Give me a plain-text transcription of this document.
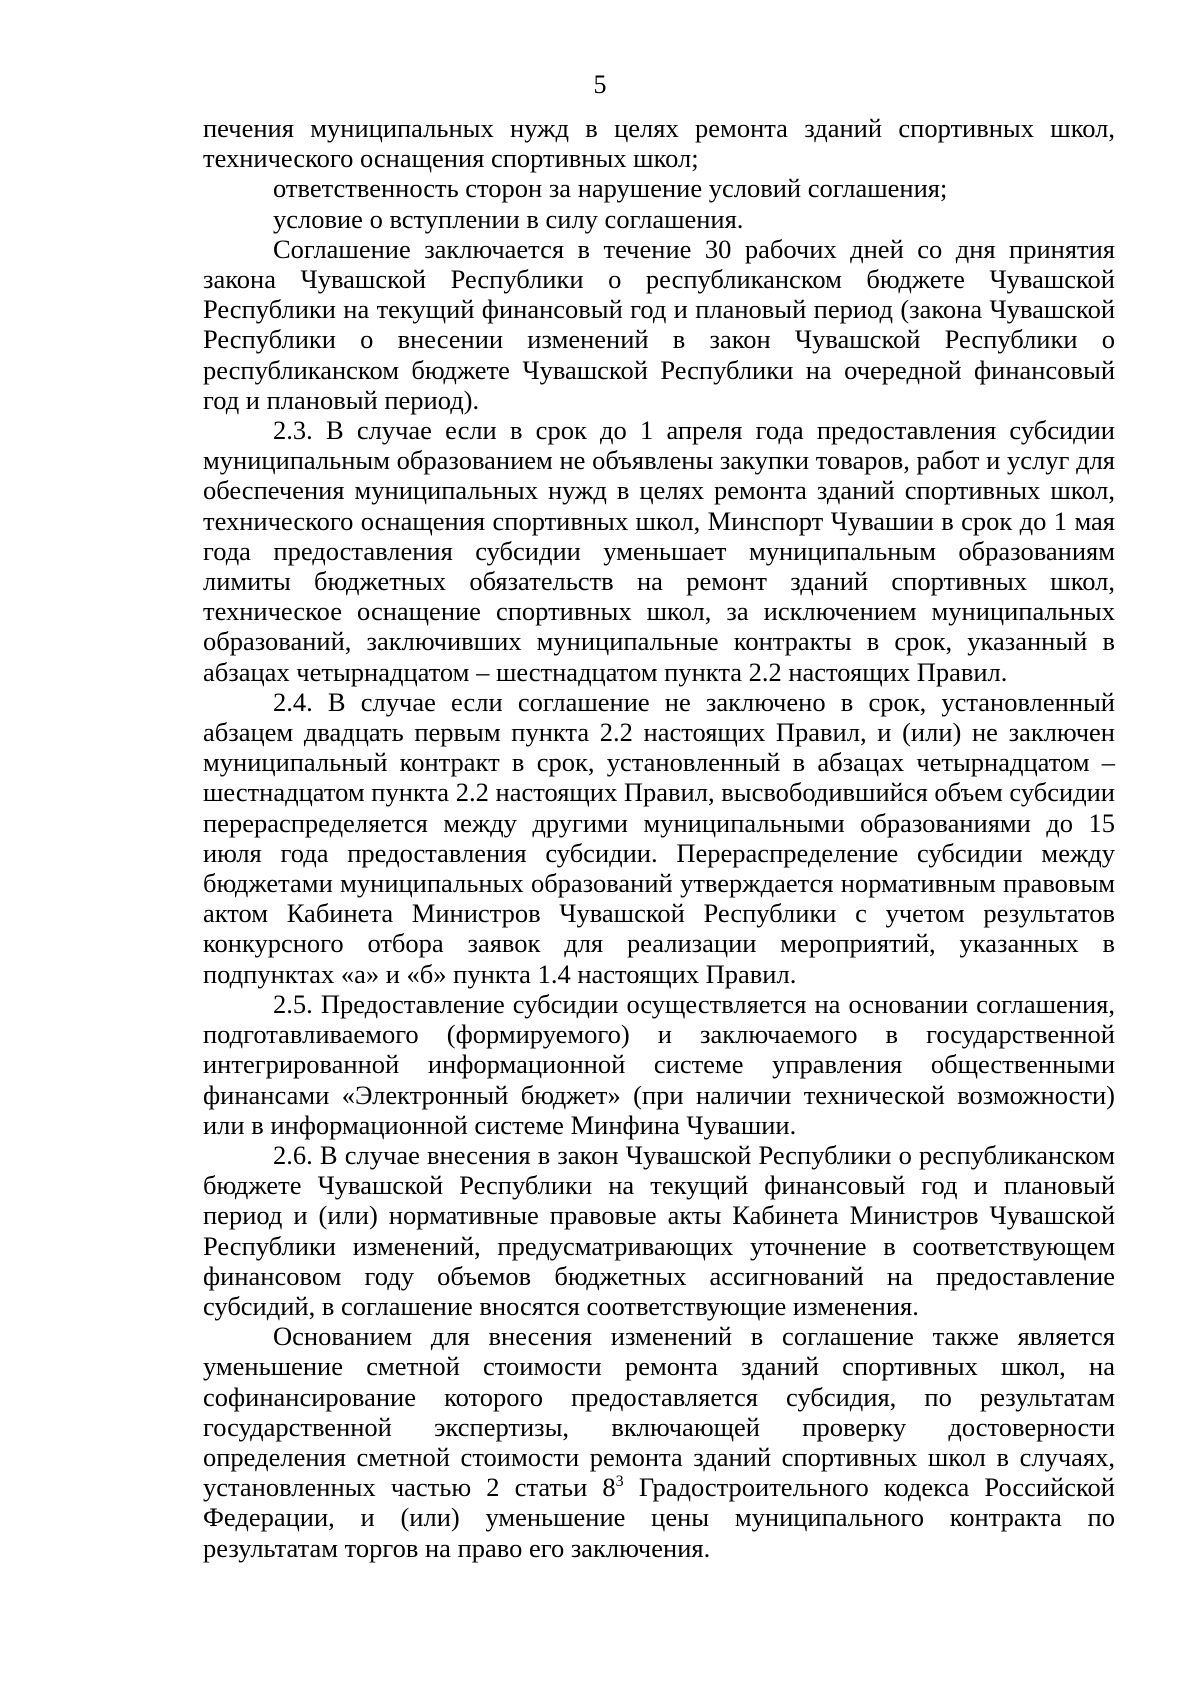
5

печения муниципальных нужд в целях ремонта зданий спортивных школ, технического оснащения спортивных школ;

ответственность сторон за нарушение условий соглашения;

условие о вступлении в силу соглашения.

Соглашение заключается в течение 30 рабочих дней со дня принятия закона Чувашской Республики о республиканском бюджете Чувашской Республики на текущий финансовый год и плановый период (закона Чувашской Республики о внесении изменений в закон Чувашской Республики о республиканском бюджете Чувашской Республики на очередной финансовый год и плановый период).

2.3. В случае если в срок до 1 апреля года предоставления субсидии муниципальным образованием не объявлены закупки товаров, работ и услуг для обеспечения муниципальных нужд в целях ремонта зданий спортивных школ, технического оснащения спортивных школ, Минспорт Чувашии в срок до 1 мая года предоставления субсидии уменьшает муниципальным образованиям лимиты бюджетных обязательств на ремонт зданий спортивных школ, техническое оснащение спортивных школ, за исключением муниципальных образований, заключивших муниципальные контракты в срок, указанный в абзацах четырнадцатом – шестнадцатом пункта 2.2 настоящих Правил.

2.4. В случае если соглашение не заключено в срок, установленный абзацем двадцать первым пункта 2.2 настоящих Правил, и (или) не заключен муниципальный контракт в срок, установленный в абзацах четырнадцатом – шестнадцатом пункта 2.2 настоящих Правил, высвободившийся объем субсидии перераспределяется между другими муниципальными образованиями до 15 июля года предоставления субсидии. Перераспределение субсидии между бюджетами муниципальных образований утверждается нормативным правовым актом Кабинета Министров Чувашской Республики с учетом результатов конкурсного отбора заявок для реализации мероприятий, указанных в подпунктах «а» и «б» пункта 1.4 настоящих Правил.

2.5. Предоставление субсидии осуществляется на основании соглашения, подготавливаемого (формируемого) и заключаемого в государственной интегрированной информационной системе управления общественными финансами «Электронный бюджет» (при наличии технической возможности) или в информационной системе Минфина Чувашии.

2.6. В случае внесения в закон Чувашской Республики о республиканском бюджете Чувашской Республики на текущий финансовый год и плановый период и (или) нормативные правовые акты Кабинета Министров Чувашской Республики изменений, предусматривающих уточнение в соответствующем финансовом году объемов бюджетных ассигнований на предоставление субсидий, в соглашение вносятся соответствующие изменения.

Основанием для внесения изменений в соглашение также является уменьшение сметной стоимости ремонта зданий спортивных школ, на софинансирование которого предоставляется субсидия, по результатам государственной экспертизы, включающей проверку достоверности определения сметной стоимости ремонта зданий спортивных школ в случаях, установленных частью 2 статьи $8^3$ Градостроительного кодекса Российской Федерации, и (или) уменьшение цены муниципального контракта по результатам торгов на право его заключения.
